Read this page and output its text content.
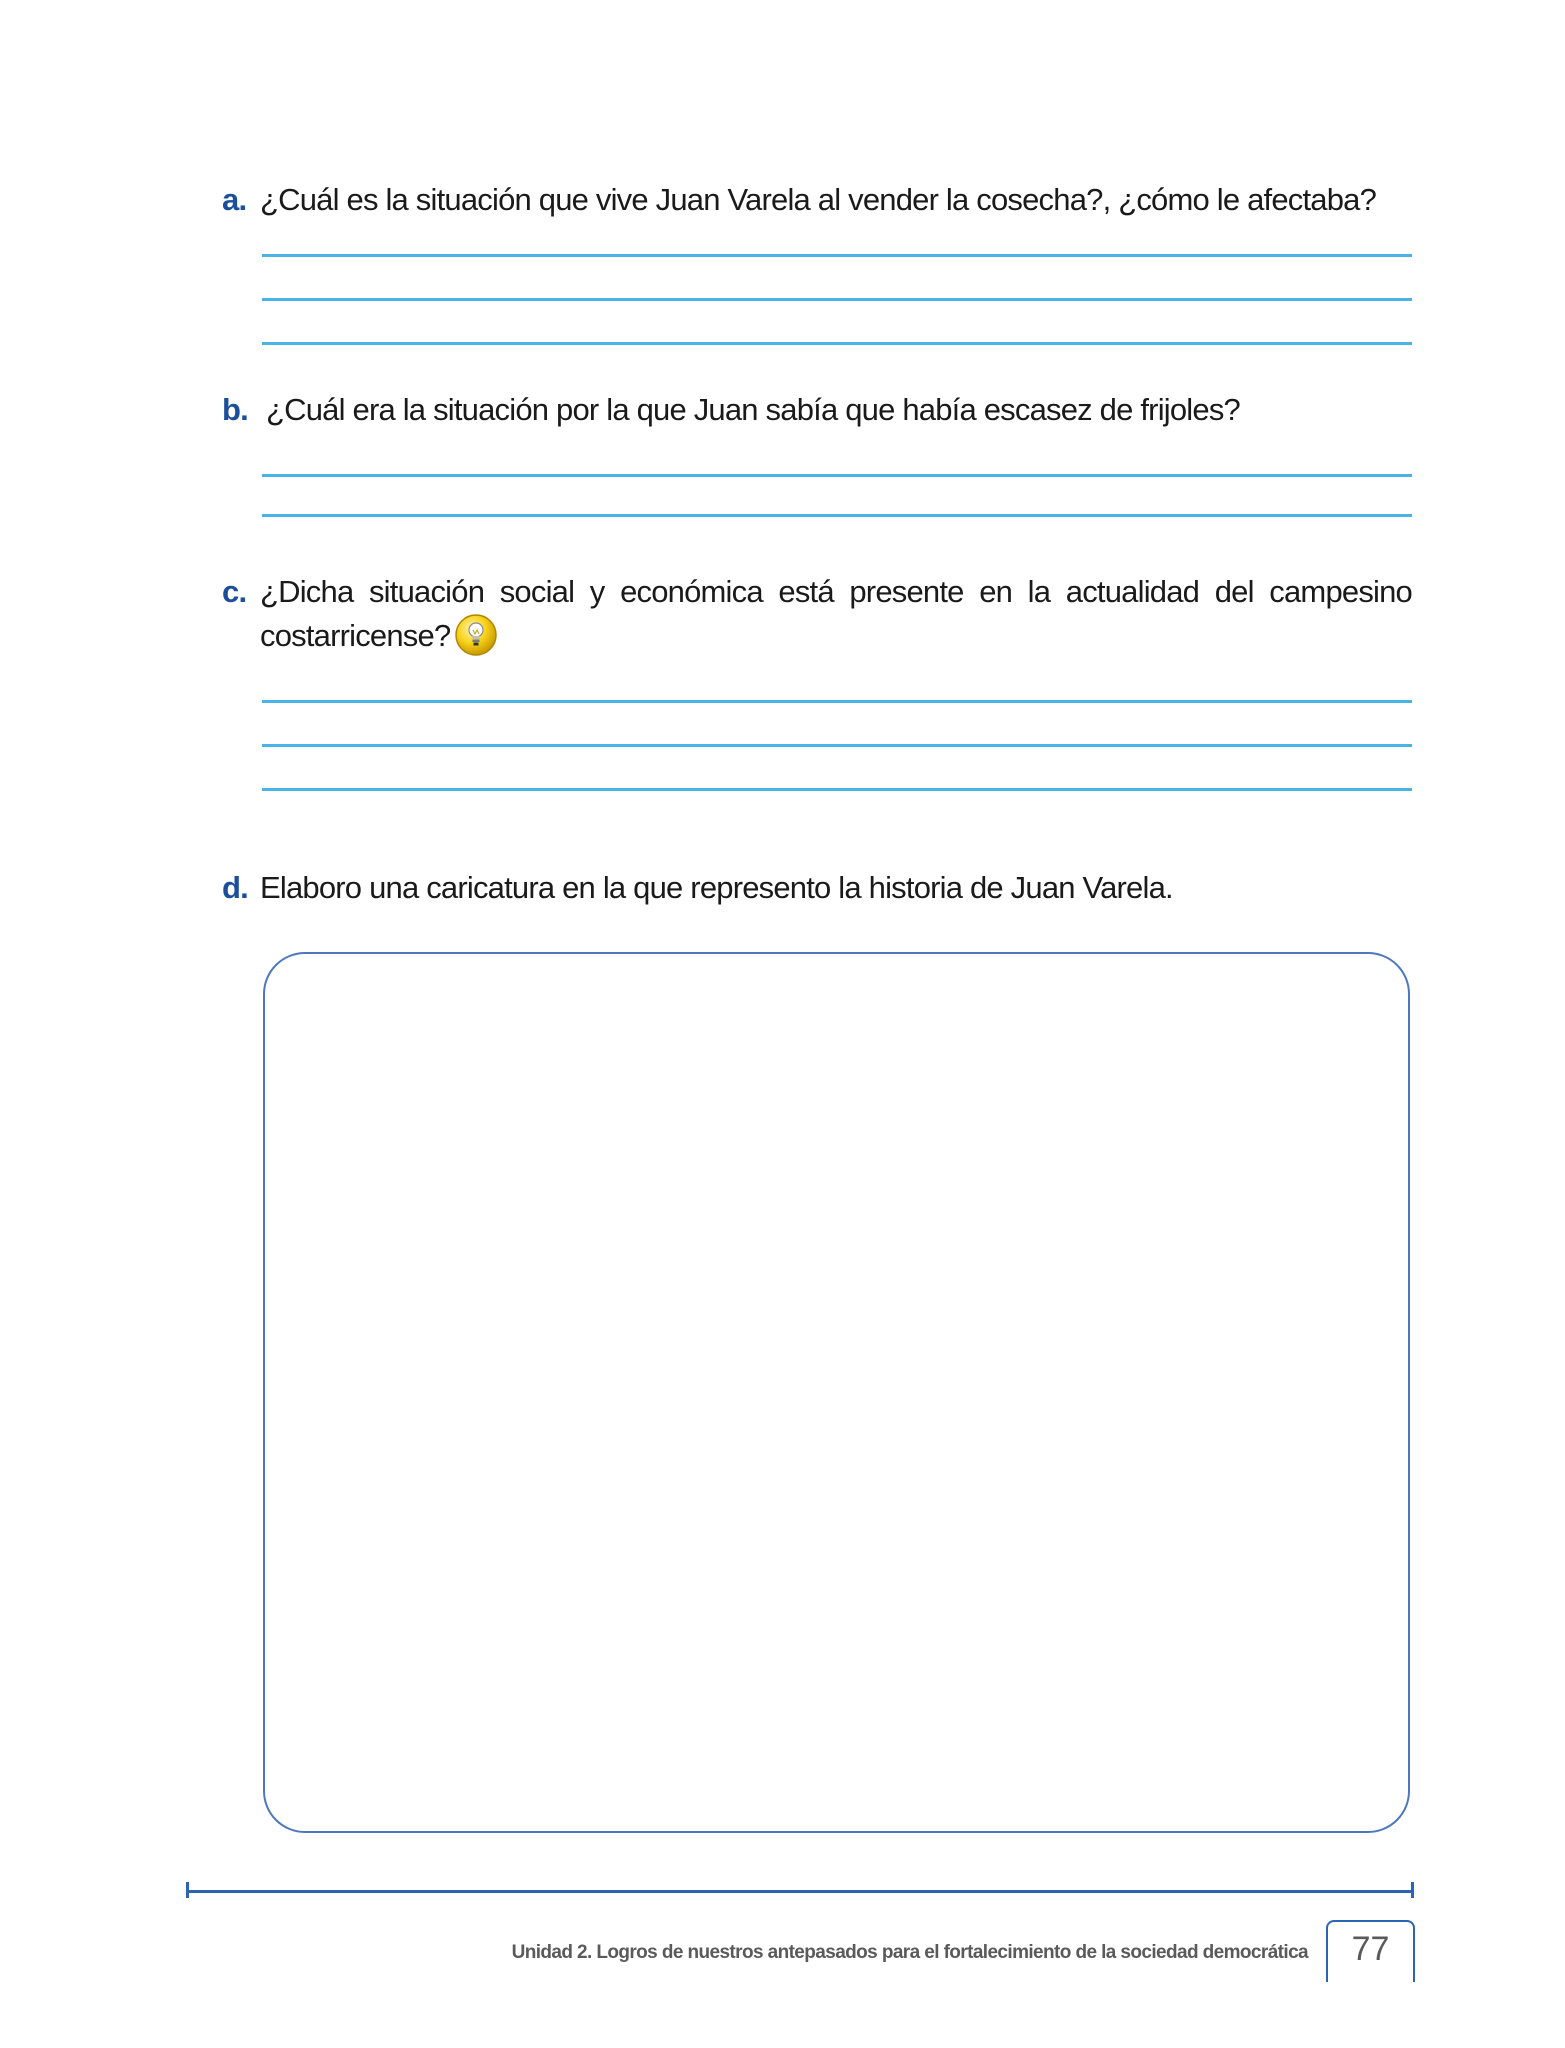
a. ¿Cuál es la situación que vive Juan Varela al vender la cosecha?, ¿cómo le afectaba?
b. ¿Cuál era la situación por la que Juan sabía que había escasez de frijoles?
c. ¿Dicha situación social y económica está presente en la actualidad del campesino costarricense?
d. Elaboro una caricatura en la que represento la historia de Juan Varela.
Unidad 2. Logros de nuestros antepasados para el fortalecimiento de la sociedad democrática	77
